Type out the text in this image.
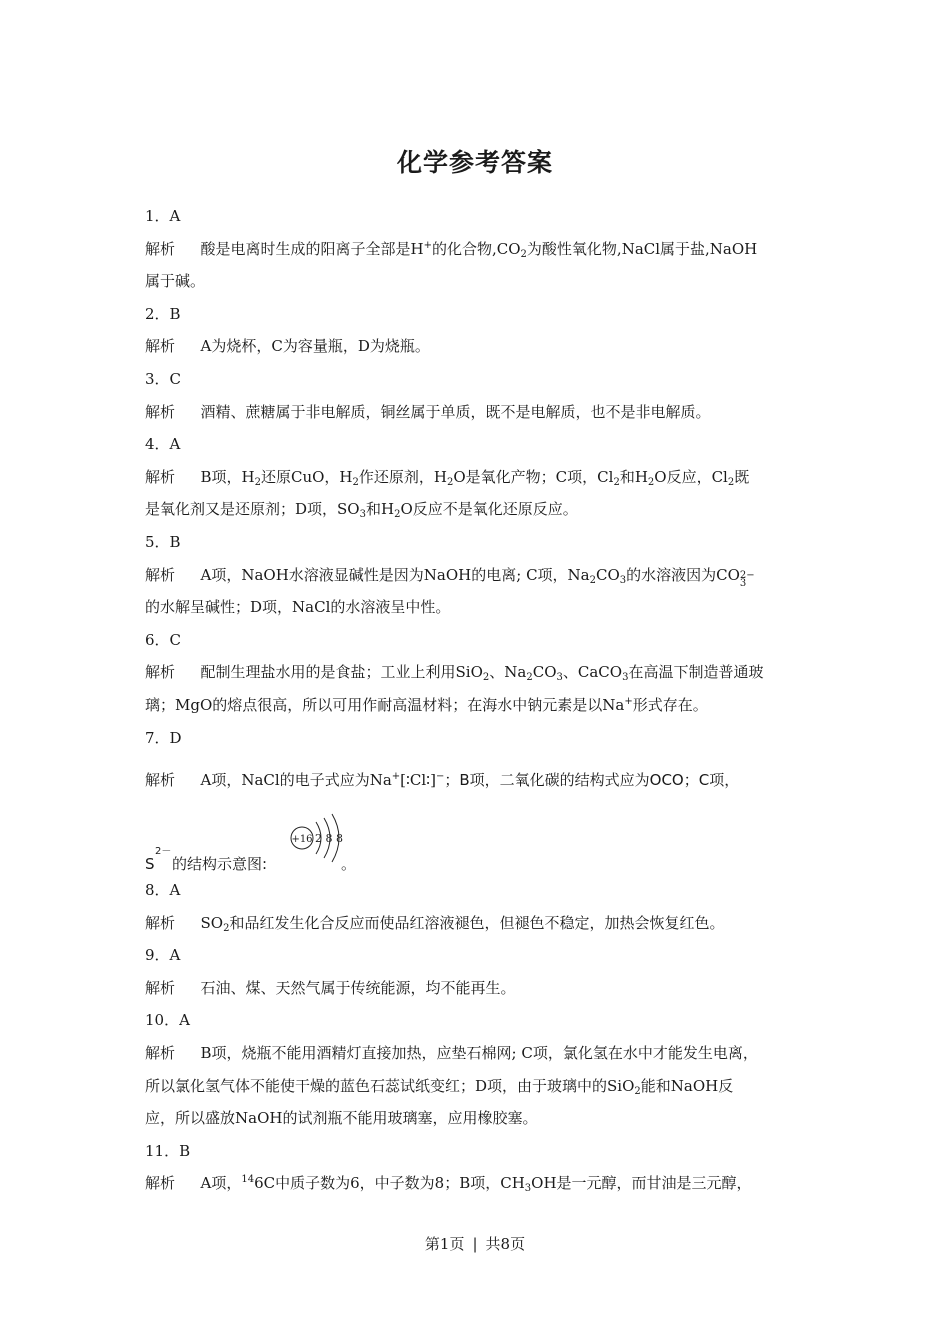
化学参考答案
1．A
解析 酸是电离时生成的阳离子全部是H+的化合物$,CO_2$为酸性氧化物,NaCl属于盐,NaOH
属于碱。
2．B
解析 A为烧杯，C为容量瓶，D为烧瓶。
3．C
解析 酒精、蔗糖属于非电解质，铜丝属于单质，既不是电解质，也不是非电解质。
4．A
解析 B项，$H_2$还原CuO，$H_2$作还原剂，$H_2O$是氧化产物；C项，$Cl_2$和$H_2O$反应，$Cl_2$既
是氧化剂又是还原剂；D项，$SO_3$和$H_2O$反应不是氧化还原反应。
5．B
解析 A项，NaOH水溶液显碱性是因为NaOH的电离; C项，$Na_2CO_3$的水溶液因为CO 2−
3
的水解呈碱性；D项，NaCl的水溶液呈中性。
6．C
解析 配制生理盐水用的是食盐；工业上利用SiO$_2$、$Na_2CO_3$、CaCO$_3$在高温下制造普通玻
璃；MgO的熔点很高，所以可用作耐高温材料；在海水中钠元素是以Na+形式存在。
7．D
解析 A项，NaCl的电子式应为Na+[∶Cl∶]−；B项，二氧化碳的结构式应为OCO；C项，
S
2－
的结构示意图:
+16 2 8 8
。
8．A
解析 $SO_2$和品红发生化合反应而使品红溶液褪色，但褪色不稳定，加热会恢复红色。
9．A
解析 石油、煤、天然气属于传统能源，均不能再生。
10．A
解析 B项，烧瓶不能用酒精灯直接加热，应垫石棉网; C项，氯化氢在水中才能发生电离，
所以氯化氢气体不能使干燥的蓝色石蕊试纸变红；D项，由于玻璃中的SiO$_2$能和NaOH反
应，所以盛放NaOH的试剂瓶不能用玻璃塞，应用橡胶塞。
11．B
解析 A项，$^{14}$6C中质子数为6，中子数为8；B项，$CH_3OH$是一元醇，而甘油是三元醇，
第1页 | 共8页
